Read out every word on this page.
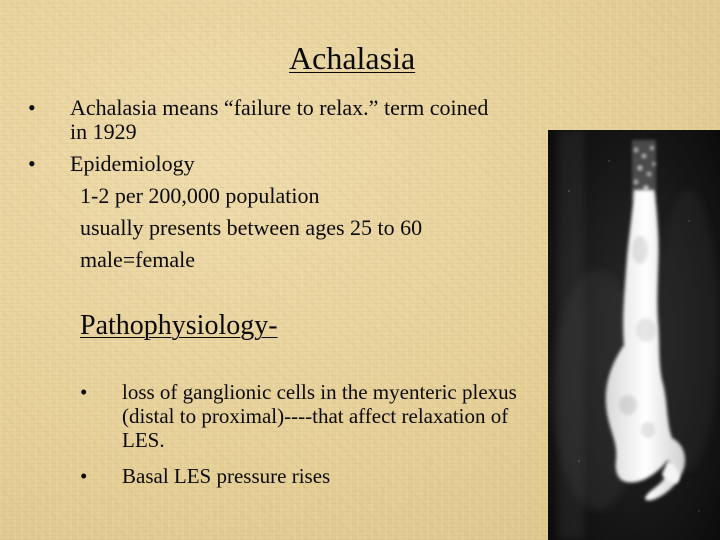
Achalasia
•	Achalasia means “failure to relax.” term coined in 1929
•	Epidemiology
1-2 per 200,000 population
usually presents between ages 25 to 60
male=female
Pathophysiology-
• loss of ganglionic cells in the myenteric plexus (distal to proximal)----that affect relaxation of LES.
• Basal LES pressure rises
